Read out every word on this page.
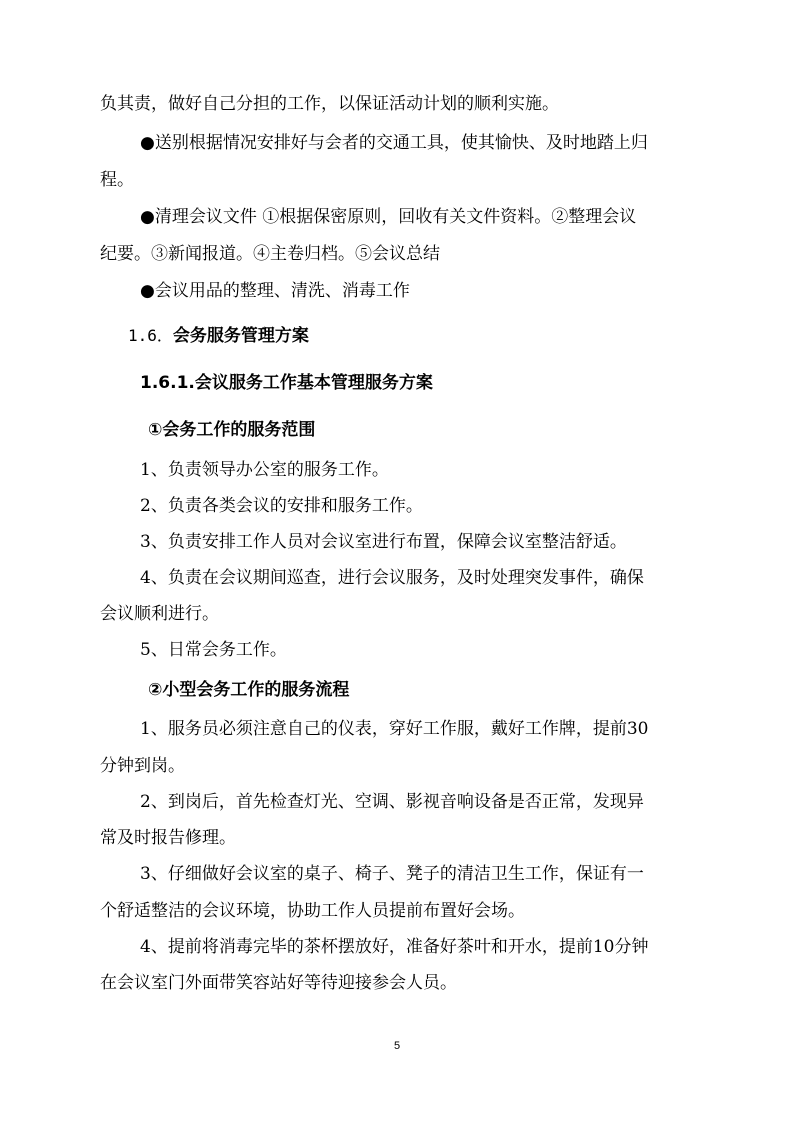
负其责，做好自己分担的工作，以保证活动计划的顺利实施。
●送别根据情况安排好与会者的交通工具，使其愉快、及时地踏上归
程。
●清理会议文件 ①根据保密原则，回收有关文件资料。②整理会议
纪要。③新闻报道。④主卷归档。⑤会议总结
●会议用品的整理、清洗、消毒工作
1.6．会务服务管理方案
1.6.1.会议服务工作基本管理服务方案
①会务工作的服务范围
1、负责领导办公室的服务工作。
2、负责各类会议的安排和服务工作。
3、负责安排工作人员对会议室进行布置，保障会议室整洁舒适。
4、负责在会议期间巡查，进行会议服务，及时处理突发事件，确保
会议顺利进行。
5、日常会务工作。
②小型会务工作的服务流程
1、服务员必须注意自己的仪表，穿好工作服，戴好工作牌，提前30
分钟到岗。
2、到岗后，首先检查灯光、空调、影视音响设备是否正常，发现异
常及时报告修理。
3、仔细做好会议室的桌子、椅子、凳子的清洁卫生工作，保证有一
个舒适整洁的会议环境，协助工作人员提前布置好会场。
4、提前将消毒完毕的茶杯摆放好，准备好茶叶和开水，提前10分钟
在会议室门外面带笑容站好等待迎接参会人员。
5
